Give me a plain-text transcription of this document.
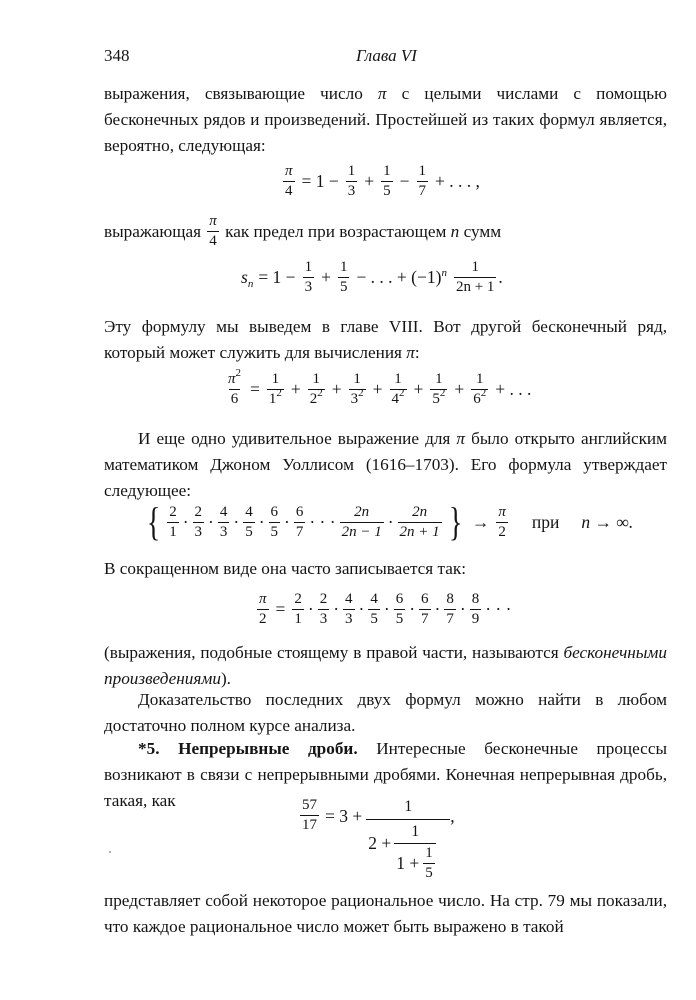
348	Глава VI

выражения, связывающие число π с целыми числами с помощью бесконечных рядов и произведений. Простейшей из таких формул является, вероятно, следующая:

$\frac{\pi}{4} = 1 - \frac{1}{3} + \frac{1}{5} - \frac{1}{7}$ + . . . ,
выражающая
π
4
как предел при возрастающем n сумм
$s_n = 1 - \frac{1}{3} + \frac{1}{5}$ − . . . + $(-1)^n$ 1
2n + 1 .

Эту формулу мы выведем в главе VIII. Вот другой бесконечный ряд, который может служить для вычисления π:

$\frac{\pi^2}{6} = \frac{1}{1^2} + \frac{1}{2^2} + \frac{1}{3^2} + \frac{1}{4^2} + \frac{1}{5^2} + \frac{1}{6^2}$ + . . .

И еще одно удивительное выражение для π было открыто английским математиком Джоном Уоллисом (1616–1703). Его формула утверждает следующее:

{ 2
1 · 2
3 · 4
3 · 4
5 · 6
5 · 6
7 · · · 2n
2n − 1 · 2n
2n + 1 } → π
2 при n → ∞.

В сокращенном виде она часто записывается так:

$\frac{\pi}{2} = \frac{2}{1} \cdot 2$
3 · 4
3 · 4
5 · 6
5 · 6
7 · 8
7 · 8
9 · · ·

(выражения, подобные стоящему в правой части, называются бесконечными произведениями).

Доказательство последних двух формул можно найти в любом достаточно полном курсе анализа.

*5. Непрерывные дроби. Интересные бесконечные процессы возникают в связи с непрерывными дробями. Конечная непрерывная дробь, такая, как	$\frac{57}{17} = 3$ +	1
$2 + \frac{1}{1 + \frac{1}{5}}$
,

представляет собой некоторое рациональное число. На стр. 79 мы показали, что каждое рациональное число может быть выражено в такой
